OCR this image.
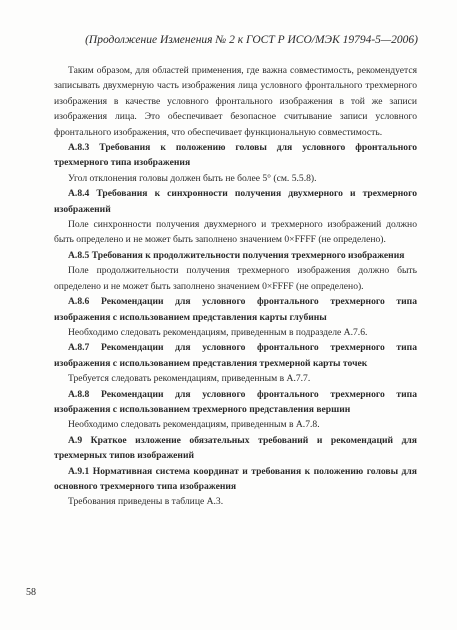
(Продолжение Изменения № 2 к ГОСТ Р ИСО/МЭК 19794-5—2006)

Таким образом, для областей применения, где важна совместимость, рекомендуется записывать двухмерную часть изображения лица условного фронтального трехмерного изображения в качестве условного фронтального изображения в той же записи изображения лица. Это обеспечивает безопасное считывание записи условного фронтального изображения, что обеспечивает функциональную совместимость.

A.8.3 Требования к положению головы для условного фронтального трехмерного типа изображения

Угол отклонения головы должен быть не более 5° (см. 5.5.8).

A.8.4 Требования к синхронности получения двухмерного и трехмерного изображений

Поле синхронности получения двухмерного и трехмерного изображений должно быть определено и не может быть заполнено значением 0×FFFF (не определено).

A.8.5 Требования к продолжительности получения трехмерного изображения

Поле продолжительности получения трехмерного изображения должно быть определено и не может быть заполнено значением 0×FFFF (не определено).

A.8.6 Рекомендации для условного фронтального трехмерного типа изображения с использованием представления карты глубины

Необходимо следовать рекомендациям, приведенным в подразделе A.7.6.

A.8.7 Рекомендации для условного фронтального трехмерного типа изображения с использованием представления трехмерной карты точек

Требуется следовать рекомендациям, приведенным в A.7.7.

A.8.8 Рекомендации для условного фронтального трехмерного типа изображения с использованием трехмерного представления вершин

Необходимо следовать рекомендациям, приведенным в A.7.8.

A.9 Краткое изложение обязательных требований и рекомендаций для трехмерных типов изображений

A.9.1 Нормативная система координат и требования к положению головы для основного трехмерного типа изображения

Требования приведены в таблице A.3.

58
